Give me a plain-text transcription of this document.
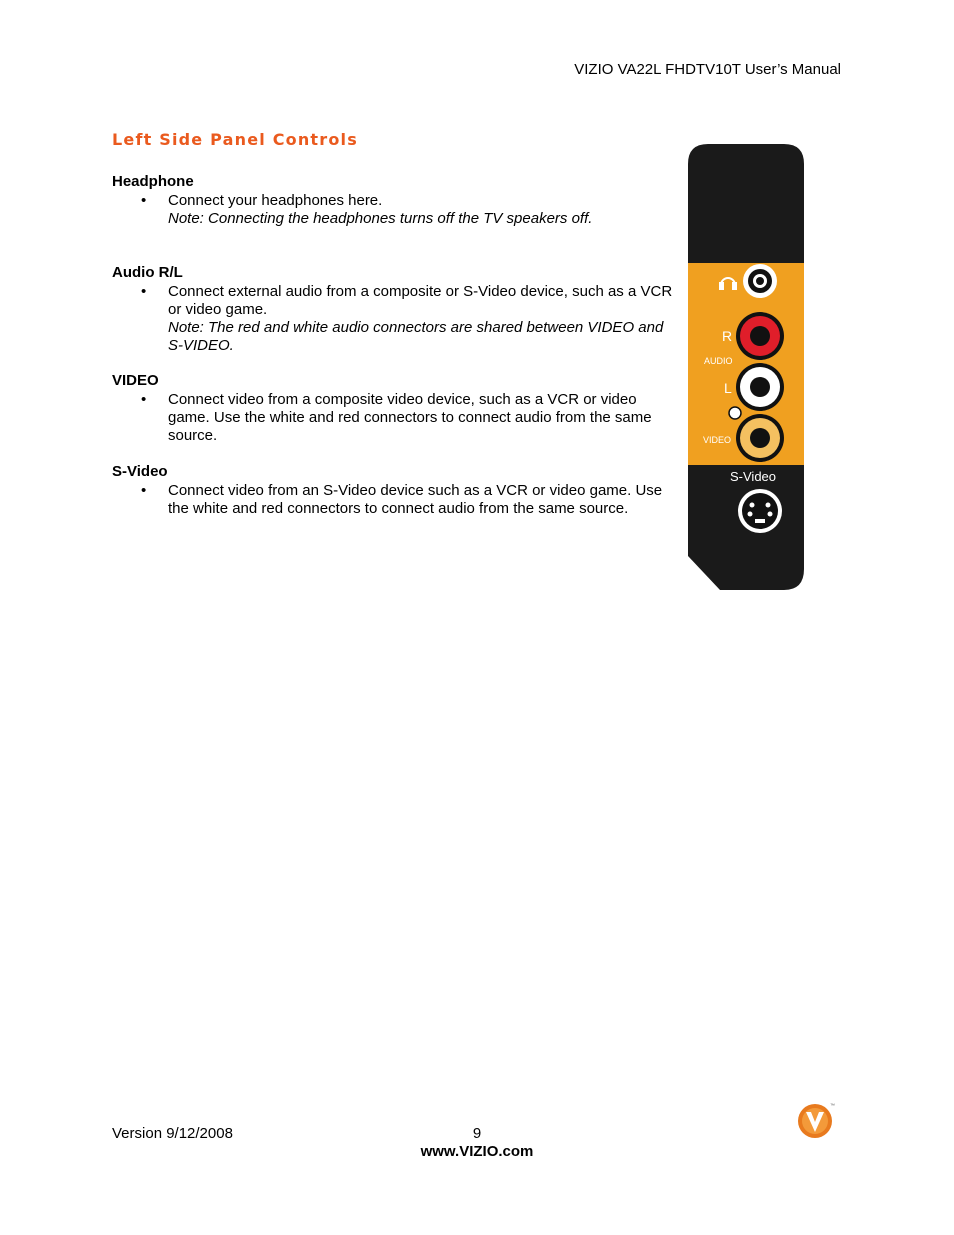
VIZIO VA22L FHDTV10T User’s Manual
Left Side Panel Controls
Headphone
• Connect your headphones here.
Note: Connecting the headphones turns off the TV speakers off.
Audio R/L
• Connect external audio from a composite or S-Video device, such as a VCR or video game.
Note: The red and white audio connectors are shared between VIDEO and S-VIDEO.
VIDEO
• Connect video from a composite video device, such as a VCR or video game. Use the white and red connectors to connect audio from the same source.
S-Video
• Connect video from an S-Video device such as a VCR or video game. Use the white and red connectors to connect audio from the same source.
R
AUDIO
L
VIDEO
S-Video
Version 9/12/2008	9
www.VIZIO.com
™
